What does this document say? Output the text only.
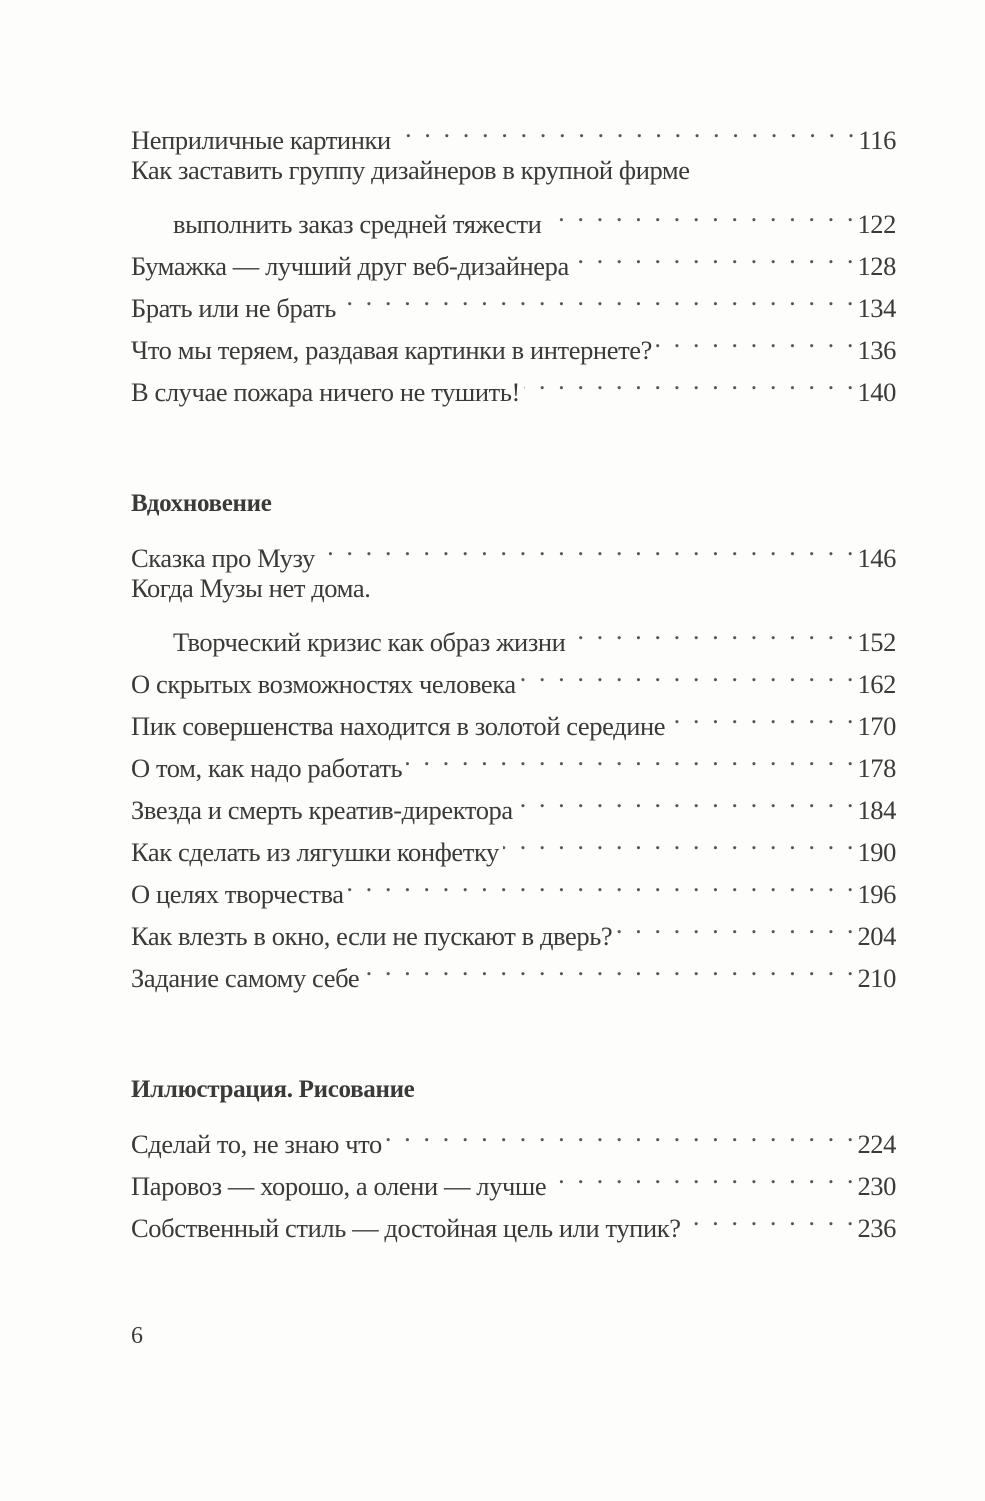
Неприличные картинки . . .	116
Как заставить группу дизайнеров в крупной фирме
выполнить заказ средней тяжести . . .	122
Бумажка — лучший друг веб-дизайнера . . .	128
Брать или не брать . . .	134
Что мы теряем, раздавая картинки в интернете? . . .	136
В случае пожара ничего не тушить! . . .	140
Вдохновение
Сказка про Музу . . .	146
Когда Музы нет дома.
Творческий кризис как образ жизни . . .	152
О скрытых возможностях человека . . .	162
Пик совершенства находится в золотой середине . . .	170
О том, как надо работать . . .	178
Звезда и смерть креатив-директора . . .	184
Как сделать из лягушки конфетку . . .	190
О целях творчества . . .	196
Как влезть в окно, если не пускают в дверь? . . .	204
Задание самому себе . . .	210
Иллюстрация. Рисование
Сделай то, не знаю что . . .	224
Паровоз — хорошо, а олени — лучше . . .	230
Собственный стиль — достойная цель или тупик? . . .	236
6
